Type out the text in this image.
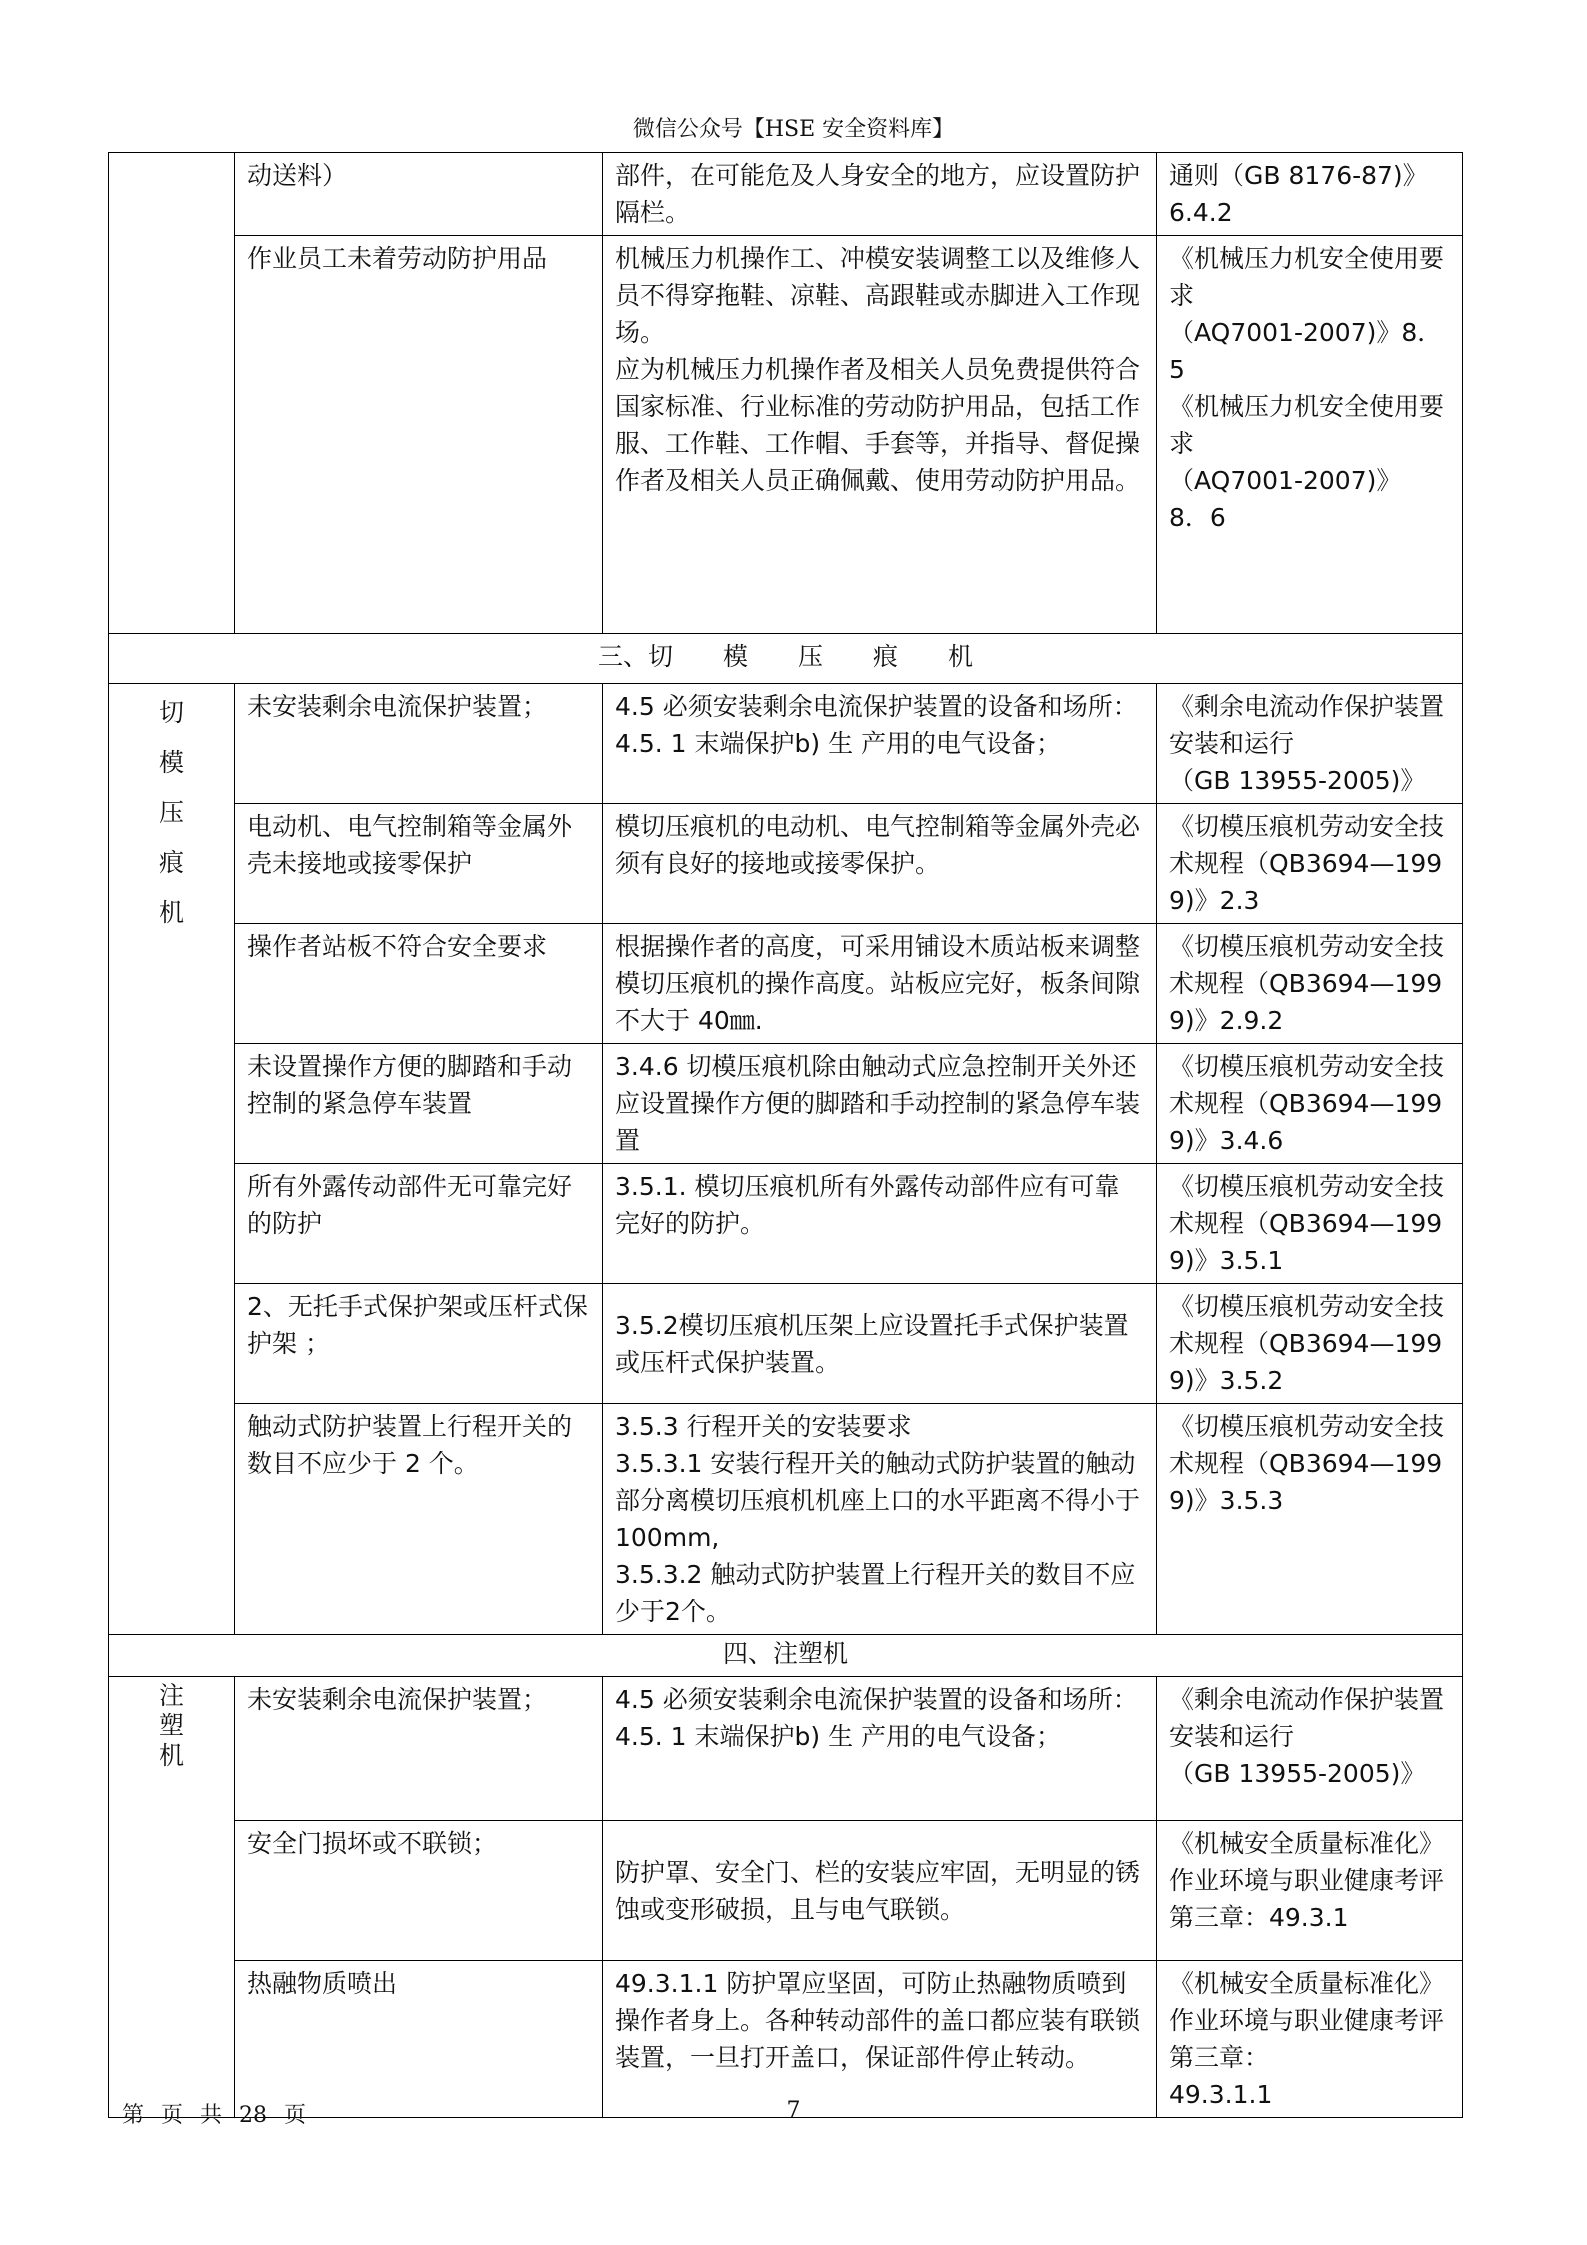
微信公众号【HSE 安全资料库】
	动送料）	部件，在可能危及人身安全的地方，应设置防护隔栏。	通则（GB 8176-87)》6.4.2
	作业员工未着劳动防护用品	机械压力机操作工、冲模安装调整工以及维修人员不得穿拖鞋、凉鞋、高跟鞋或赤脚进入工作现场。
应为机械压力机操作者及相关人员免费提供符合国家标准、行业标准的劳动防护用品，包括工作服、工作鞋、工作帽、手套等，并指导、督促操作者及相关人员正确佩戴、使用劳动防护用品。	《机械压力机安全使用要求
（AQ7001-2007)》8．5
《机械压力机安全使用要求
（AQ7001-2007)》 8．6
三、切　　模　　压　　痕　　机			
切
模
压
痕
机	未安装剩余电流保护装置；	4.5 必须安装剩余电流保护装置的设备和场所：
4.5. 1 末端保护b) 生 产用的电气设备；	《剩余电流动作保护装置安装和运行
（GB 13955-2005)》
	电动机、电气控制箱等金属外壳未接地或接零保护	模切压痕机的电动机、电气控制箱等金属外壳必须有良好的接地或接零保护。	《切模压痕机劳动安全技术规程（QB3694—1999)》2.3
	操作者站板不符合安全要求	根据操作者的高度，可采用铺设木质站板来调整模切压痕机的操作高度。站板应完好，板条间隙不大于 40㎜.	《切模压痕机劳动安全技术规程（QB3694—1999)》2.9.2
	未设置操作方便的脚踏和手动控制的紧急停车装置	3.4.6 切模压痕机除由触动式应急控制开关外还应设置操作方便的脚踏和手动控制的紧急停车装置	《切模压痕机劳动安全技术规程（QB3694—1999)》3.4.6
	所有外露传动部件无可靠完好的防护	3.5.1. 模切压痕机所有外露传动部件应有可靠完好的防护。	《切模压痕机劳动安全技术规程（QB3694—1999)》3.5.1
	2、无托手式保护架或压杆式保护架 ；	3.5.2模切压痕机压架上应设置托手式保护装置或压杆式保护装置。	《切模压痕机劳动安全技术规程（QB3694—1999)》3.5.2
	触动式防护装置上行程开关的数目不应少于 2 个。	3.5.3 行程开关的安装要求
3.5.3.1 安装行程开关的触动式防护装置的触动部分离模切压痕机机座上口的水平距离不得小于100mm,
3.5.3.2 触动式防护装置上行程开关的数目不应少于2个。	《切模压痕机劳动安全技术规程（QB3694—1999)》3.5.3
四、注塑机			
注
塑
机	未安装剩余电流保护装置；	4.5 必须安装剩余电流保护装置的设备和场所：
4.5. 1 末端保护b) 生 产用的电气设备；	《剩余电流动作保护装置安装和运行
（GB 13955-2005)》
	安全门损坏或不联锁；	防护罩、安全门、栏的安装应牢固，无明显的锈蚀或变形破损，且与电气联锁。	《机械安全质量标准化》作业环境与职业健康考评第三章：49.3.1
	热融物质喷出	49.3.1.1 防护罩应坚固，可防止热融物质喷到操作者身上。各种转动部件的盖口都应装有联锁装置，一旦打开盖口，保证部件停止转动。	《机械安全质量标准化》作业环境与职业健康考评第三章：
49.3.1.1
第 页 共 28 页	7
